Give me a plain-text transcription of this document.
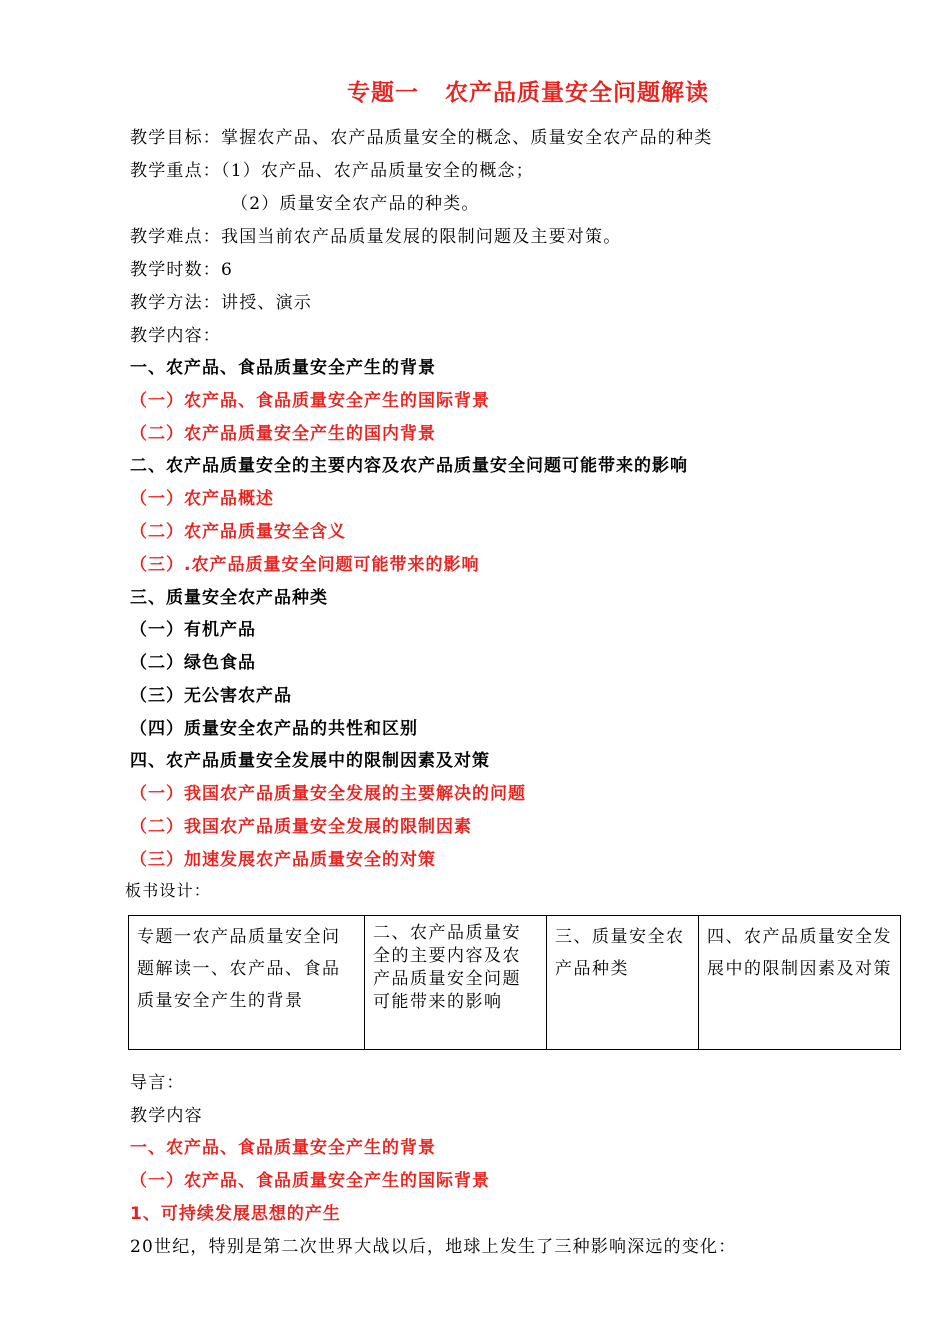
专题一 农产品质量安全问题解读
教学目标：掌握农产品、农产品质量安全的概念、质量安全农产品的种类
教学重点：（1）农产品、农产品质量安全的概念；
（2）质量安全农产品的种类。
教学难点：我国当前农产品质量发展的限制问题及主要对策。
教学时数：6
教学方法：讲授、演示
教学内容：
一、农产品、食品质量安全产生的背景
（一）农产品、食品质量安全产生的国际背景
（二）农产品质量安全产生的国内背景
二、农产品质量安全的主要内容及农产品质量安全问题可能带来的影响
（一）农产品概述
（二）农产品质量安全含义
（三）.农产品质量安全问题可能带来的影响
三、质量安全农产品种类
（一）有机产品
（二）绿色食品
（三）无公害农产品
（四）质量安全农产品的共性和区别
四、农产品质量安全发展中的限制因素及对策
（一）我国农产品质量安全发展的主要解决的问题
（二）我国农产品质量安全发展的限制因素
（三）加速发展农产品质量安全的对策
板书设计：
专题一农产品质量安全问题解读一、农产品、食品质量安全产生的背景	二、农产品质量安全的主要内容及农产品质量安全问题可能带来的影响	三、质量安全农产品种类	四、农产品质量安全发展中的限制因素及对策
导言：
教学内容
一、农产品、食品质量安全产生的背景
（一）农产品、食品质量安全产生的国际背景
1、可持续发展思想的产生
20世纪，特别是第二次世界大战以后，地球上发生了三种影响深远的变化：
